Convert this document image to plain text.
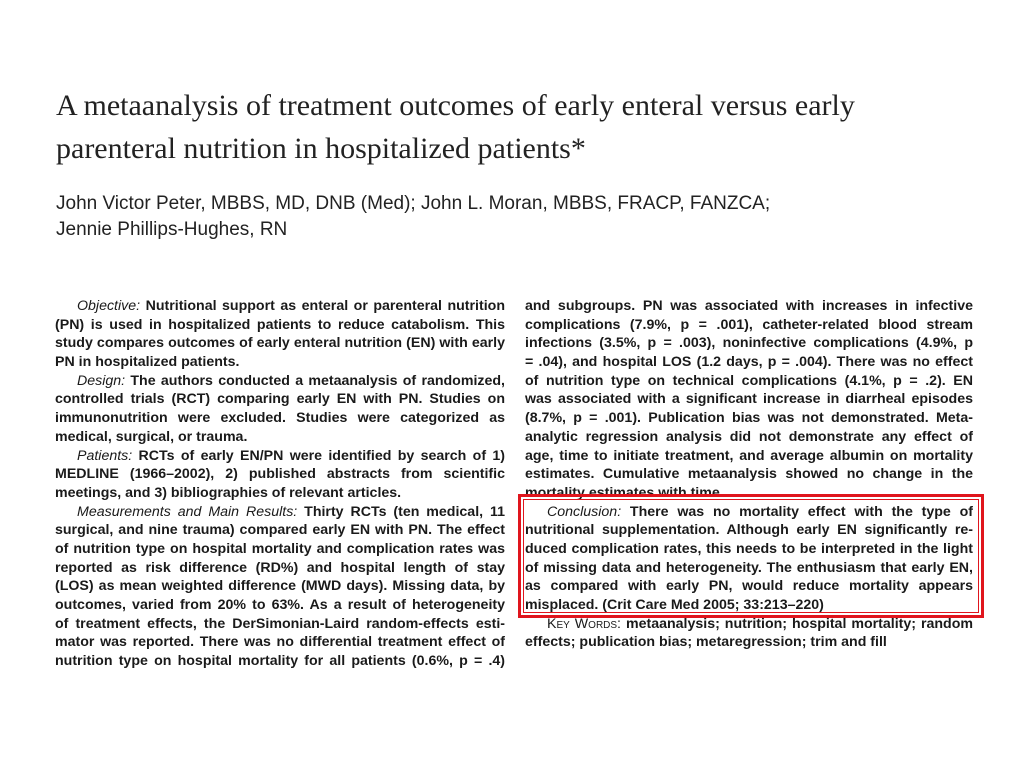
A metaanalysis of treatment outcomes of early enteral versus early
parenteral nutrition in hospitalized patients*
John Victor Peter, MBBS, MD, DNB (Med); John L. Moran, MBBS, FRACP, FANZCA;
Jennie Phillips-Hughes, RN
Objective: Nutritional support as enteral or parenteral nutrition
(PN) is used in hospitalized patients to reduce catabolism. This
study compares outcomes of early enteral nutrition (EN) with early
PN in hospitalized patients.
Design: The authors conducted a metaanalysis of randomized,
controlled trials (RCT) comparing early EN with PN. Studies on
immunonutrition were excluded. Studies were categorized as
medical, surgical, or trauma.
Patients: RCTs of early EN/PN were identified by search of 1)
MEDLINE (1966–2002), 2) published abstracts from scientific
meetings, and 3) bibliographies of relevant articles.
Measurements and Main Results: Thirty RCTs (ten medical, 11
surgical, and nine trauma) compared early EN with PN. The effect
of nutrition type on hospital mortality and complication rates was
reported as risk difference (RD%) and hospital length of stay
(LOS) as mean weighted difference (MWD days). Missing data, by
outcomes, varied from 20% to 63%. As a result of heterogeneity
of treatment effects, the DerSimonian-Laird random-effects esti-
mator was reported. There was no differential treatment effect of
nutrition type on hospital mortality for all patients (0.6%, p = .4)
and subgroups. PN was associated with increases in infective
complications (7.9%, p = .001), catheter-related blood stream
infections (3.5%, p = .003), noninfective complications (4.9%, p
= .04), and hospital LOS (1.2 days, p = .004). There was no effect
of nutrition type on technical complications (4.1%, p = .2). EN
was associated with a significant increase in diarrheal episodes
(8.7%, p = .001). Publication bias was not demonstrated. Meta-
analytic regression analysis did not demonstrate any effect of
age, time to initiate treatment, and average albumin on mortality
estimates. Cumulative metaanalysis showed no change in the
mortality estimates with time.
Conclusion: There was no mortality effect with the type of
nutritional supplementation. Although early EN significantly re-
duced complication rates, this needs to be interpreted in the light
of missing data and heterogeneity. The enthusiasm that early EN,
as compared with early PN, would reduce mortality appears
misplaced. (Crit Care Med 2005; 33:213–220)
Key Words: metaanalysis; nutrition; hospital mortality; random
effects; publication bias; metaregression; trim and fill
